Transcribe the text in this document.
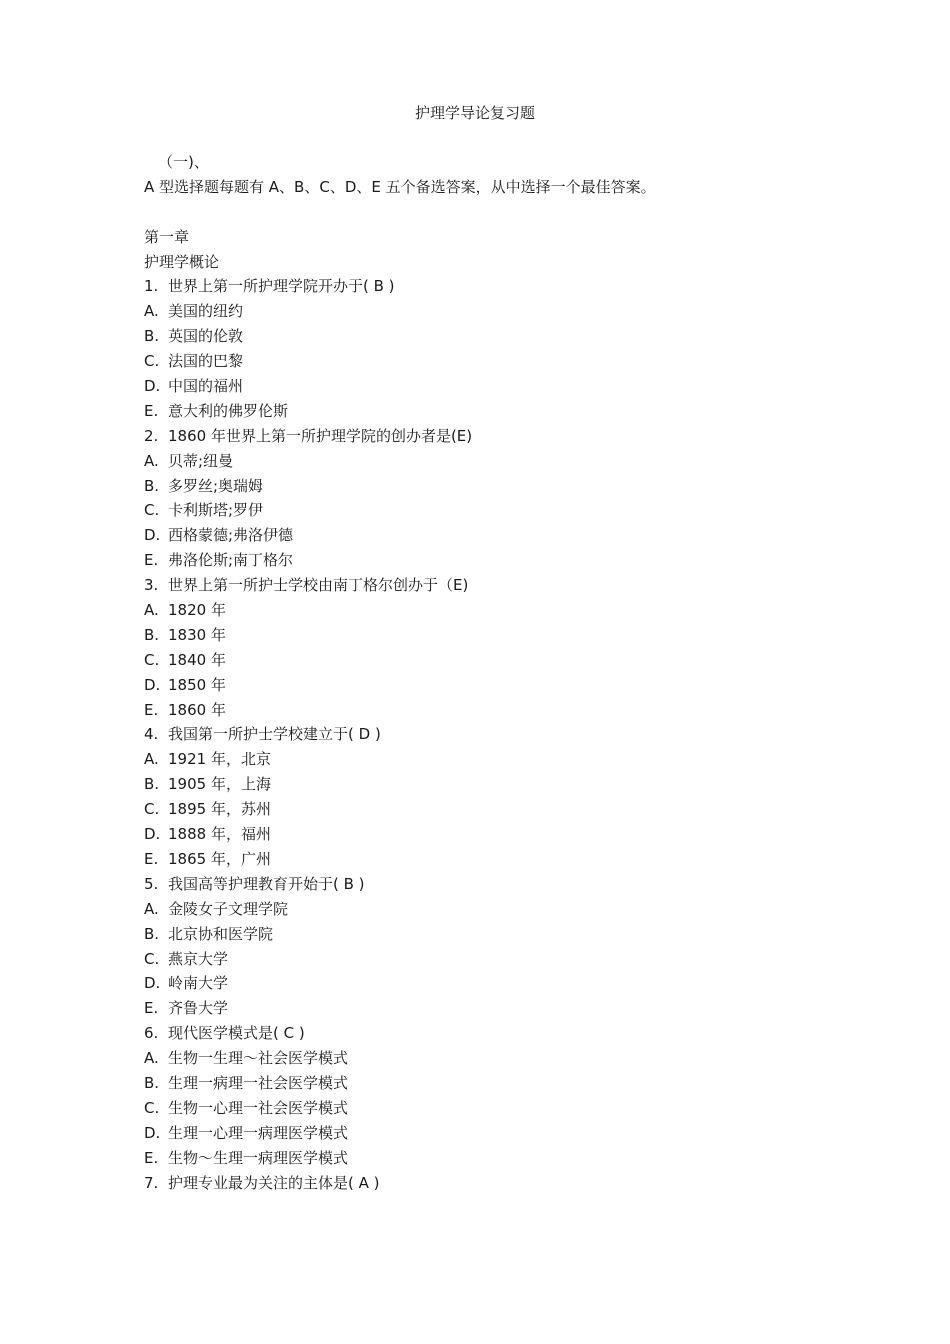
护理学导论复习题
（一)、
A 型选择题每题有 A、B、C、D、E 五个备选答案，从中选择一个最佳答案。
第一章
护理学概论
1. 世界上第一所护理学院开办于( B )
A. 美国的纽约
B. 英国的伦敦
C. 法国的巴黎
D. 中国的福州
E. 意大利的佛罗伦斯
2. 1860 年世界上第一所护理学院的创办者是(E)
A. 贝蒂;纽曼
B. 多罗丝;奥瑞姆
C. 卡利斯塔;罗伊
D. 西格蒙德;弗洛伊德
E. 弗洛伦斯;南丁格尔
3. 世界上第一所护士学校由南丁格尔创办于（E)
A. 1820 年
B. 1830 年
C. 1840 年
D. 1850 年
E. 1860 年
4. 我国第一所护士学校建立于( D )
A. 1921 年，北京
B. 1905 年，上海
C. 1895 年，苏州
D. 1888 年，福州
E. 1865 年，广州
5. 我国高等护理教育开始于( B )
A. 金陵女子文理学院
B. 北京协和医学院
C. 燕京大学
D. 岭南大学
E. 齐鲁大学
6. 现代医学模式是( C )
A. 生物一生理～社会医学模式
B. 生理一病理一社会医学模式
C. 生物一心理一社会医学模式
D. 生理一心理一病理医学模式
E. 生物～生理一病理医学模式
7. 护理专业最为关注的主体是( A )
